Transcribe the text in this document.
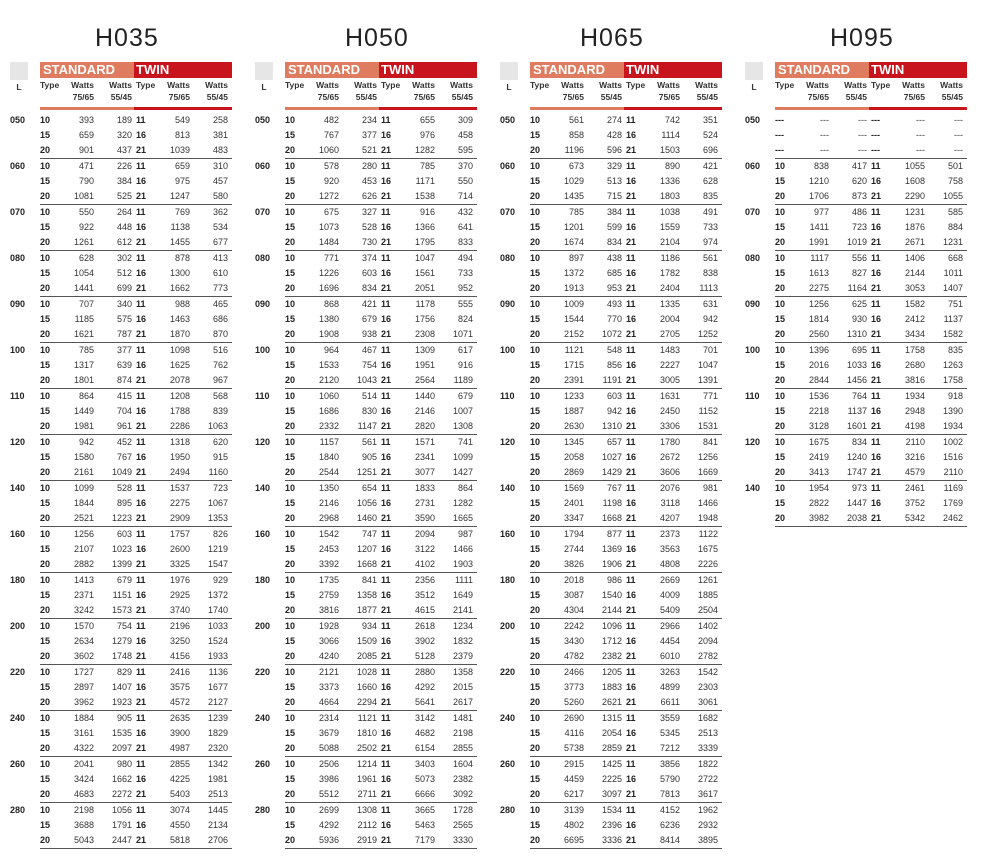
H035
L
STANDARD	TWIN
Type	Watts
75/65
Watts
55/45
Type	Watts
75/65
Watts
55/45
050 10	393	189 11	549	258
15	659	320 16	813	381
20	901	437 21	1039	483
060 10	471	226 11	659	310
15	790	384 16	975	457
20	1081	525 21	1247	580
070 10	550	264 11	769	362
15	922	448 16	1138	534
20	1261	612 21	1455	677
080 10	628	302 11	878	413
15	1054	512 16	1300	610
20	1441	699 21	1662	773
090 10	707	340 11	988	465
15	1185	575 16	1463	686
20	1621	787 21	1870	870
100 10	785	377 11	1098	516
15	1317	639 16	1625	762
20	1801	874 21	2078	967
110 10	864	415 11	1208	568
15	1449	704 16	1788	839
20	1981	961 21	2286	1063
120 10	942	452 11	1318	620
15	1580	767 16	1950	915
20	2161	1049 21	2494	1160
140 10	1099	528 11	1537	723
15	1844	895 16	2275	1067
20	2521	1223 21	2909	1353
160 10	1256	603 11	1757	826
15	2107	1023 16	2600	1219
20	2882	1399 21	3325	1547
180 10	1413	679 11	1976	929
15	2371	1151 16	2925	1372
20	3242	1573 21	3740	1740
200 10	1570	754 11	2196	1033
15	2634	1279 16	3250	1524
20	3602	1748 21	4156	1933
220 10	1727	829 11	2416	1136
15	2897	1407 16	3575	1677
20	3962	1923 21	4572	2127
240 10	1884	905 11	2635	1239
15	3161	1535 16	3900	1829
20	4322	2097 21	4987	2320
260 10	2041	980 11	2855	1342
15	3424	1662 16	4225	1981
20	4683	2272 21	5403	2513
280 10	2198	1056 11	3074	1445
15	3688	1791 16	4550	2134
20	5043	2447 21	5818	2706
H050
L
STANDARD	TWIN
Type	Watts
75/65
Watts
55/45
Type	Watts
75/65
Watts
55/45
050 10	482	234 11	655	309
15	767	377 16	976	458
20	1060	521 21	1282	595
060 10	578	280 11	785	370
15	920	453 16	1171	550
20	1272	626 21	1538	714
070 10	675	327 11	916	432
15	1073	528 16	1366	641
20	1484	730 21	1795	833
080 10	771	374 11	1047	494
15	1226	603 16	1561	733
20	1696	834 21	2051	952
090 10	868	421 11	1178	555
15	1380	679 16	1756	824
20	1908	938 21	2308	1071
100 10	964	467 11	1309	617
15	1533	754 16	1951	916
20	2120	1043 21	2564	1189
110 10	1060	514 11	1440	679
15	1686	830 16	2146	1007
20	2332	1147 21	2820	1308
120 10	1157	561 11	1571	741
15	1840	905 16	2341	1099
20	2544	1251 21	3077	1427
140 10	1350	654 11	1833	864
15	2146	1056 16	2731	1282
20	2968	1460 21	3590	1665
160 10	1542	747 11	2094	987
15	2453	1207 16	3122	1466
20	3392	1668 21	4102	1903
180 10	1735	841 11	2356	1111
15	2759	1358 16	3512	1649
20	3816	1877 21	4615	2141
200 10	1928	934 11	2618	1234
15	3066	1509 16	3902	1832
20	4240	2085 21	5128	2379
220 10	2121	1028 11	2880	1358
15	3373	1660 16	4292	2015
20	4664	2294 21	5641	2617
240 10	2314	1121 11	3142	1481
15	3679	1810 16	4682	2198
20	5088	2502 21	6154	2855
260 10	2506	1214 11	3403	1604
15	3986	1961 16	5073	2382
20	5512	2711 21	6666	3092
280 10	2699	1308 11	3665	1728
15	4292	2112 16	5463	2565
20	5936	2919 21	7179	3330
H065
L
STANDARD	TWIN
Type	Watts
75/65
Watts
55/45
Type	Watts
75/65
Watts
55/45
050 10	561	274 11	742	351
15	858	428 16	1114	524
20	1196	596 21	1503	696
060 10	673	329 11	890	421
15	1029	513 16	1336	628
20	1435	715 21	1803	835
070 10	785	384 11	1038	491
15	1201	599 16	1559	733
20	1674	834 21	2104	974
080 10	897	438 11	1186	561
15	1372	685 16	1782	838
20	1913	953 21	2404	1113
090 10	1009	493 11	1335	631
15	1544	770 16	2004	942
20	2152	1072 21	2705	1252
100 10	1121	548 11	1483	701
15	1715	856 16	2227	1047
20	2391	1191 21	3005	1391
110 10	1233	603 11	1631	771
15	1887	942 16	2450	1152
20	2630	1310 21	3306	1531
120 10	1345	657 11	1780	841
15	2058	1027 16	2672	1256
20	2869	1429 21	3606	1669
140 10	1569	767 11	2076	981
15	2401	1198 16	3118	1466
20	3347	1668 21	4207	1948
160 10	1794	877 11	2373	1122
15	2744	1369 16	3563	1675
20	3826	1906 21	4808	2226
180 10	2018	986 11	2669	1261
15	3087	1540 16	4009	1885
20	4304	2144 21	5409	2504
200 10	2242	1096 11	2966	1402
15	3430	1712 16	4454	2094
20	4782	2382 21	6010	2782
220 10	2466	1205 11	3263	1542
15	3773	1883 16	4899	2303
20	5260	2621 21	6611	3061
240 10	2690	1315 11	3559	1682
15	4116	2054 16	5345	2513
20	5738	2859 21	7212	3339
260 10	2915	1425 11	3856	1822
15	4459	2225 16	5790	2722
20	6217	3097 21	7813	3617
280 10	3139	1534 11	4152	1962
15	4802	2396 16	6236	2932
20	6695	3336 21	8414	3895
H095
L
STANDARD	TWIN
Type	Watts
75/65
Watts
55/45
Type	Watts
75/65
Watts
55/45
050 ---	---	--- ---	---	---
---	---	--- ---	---	---
---	---	--- ---	---	---
060 10	838	417 11	1055	501
15	1210	620 16	1608	758
20	1706	873 21	2290	1055
070 10	977	486 11	1231	585
15	1411	723 16	1876	884
20	1991	1019 21	2671	1231
080 10	1117	556 11	1406	668
15	1613	827 16	2144	1011
20	2275	1164 21	3053	1407
090 10	1256	625 11	1582	751
15	1814	930 16	2412	1137
20	2560	1310 21	3434	1582
100 10	1396	695 11	1758	835
15	2016	1033 16	2680	1263
20	2844	1456 21	3816	1758
110 10	1536	764 11	1934	918
15	2218	1137 16	2948	1390
20	3128	1601 21	4198	1934
120 10	1675	834 11	2110	1002
15	2419	1240 16	3216	1516
20	3413	1747 21	4579	2110
140 10	1954	973 11	2461	1169
15	2822	1447 16	3752	1769
20	3982	2038 21	5342	2462
